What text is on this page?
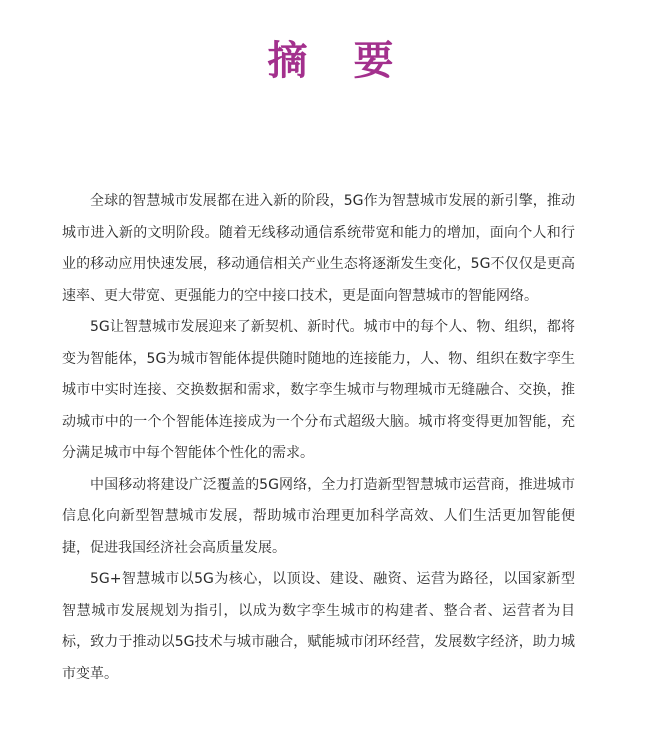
摘 要

全球的智慧城市发展都在进入新的阶段，5G作为智慧城市发展的新引擎，推动城市进入新的文明阶段。随着无线移动通信系统带宽和能力的增加，面向个人和行业的移动应用快速发展，移动通信相关产业生态将逐渐发生变化，5G不仅仅是更高速率、更大带宽、更强能力的空中接口技术，更是面向智慧城市的智能网络。

5G让智慧城市发展迎来了新契机、新时代。城市中的每个人、物、组织，都将变为智能体，5G为城市智能体提供随时随地的连接能力，人、物、组织在数字孪生城市中实时连接、交换数据和需求，数字孪生城市与物理城市无缝融合、交换，推动城市中的一个个智能体连接成为一个分布式超级大脑。城市将变得更加智能，充分满足城市中每个智能体个性化的需求。

中国移动将建设广泛覆盖的5G网络，全力打造新型智慧城市运营商，推进城市信息化向新型智慧城市发展，帮助城市治理更加科学高效、人们生活更加智能便捷，促进我国经济社会高质量发展。

5G+智慧城市以5G为核心，以顶设、建设、融资、运营为路径，以国家新型智慧城市发展规划为指引，以成为数字孪生城市的构建者、整合者、运营者为目标，致力于推动以5G技术与城市融合，赋能城市闭环经营，发展数字经济，助力城市变革。
